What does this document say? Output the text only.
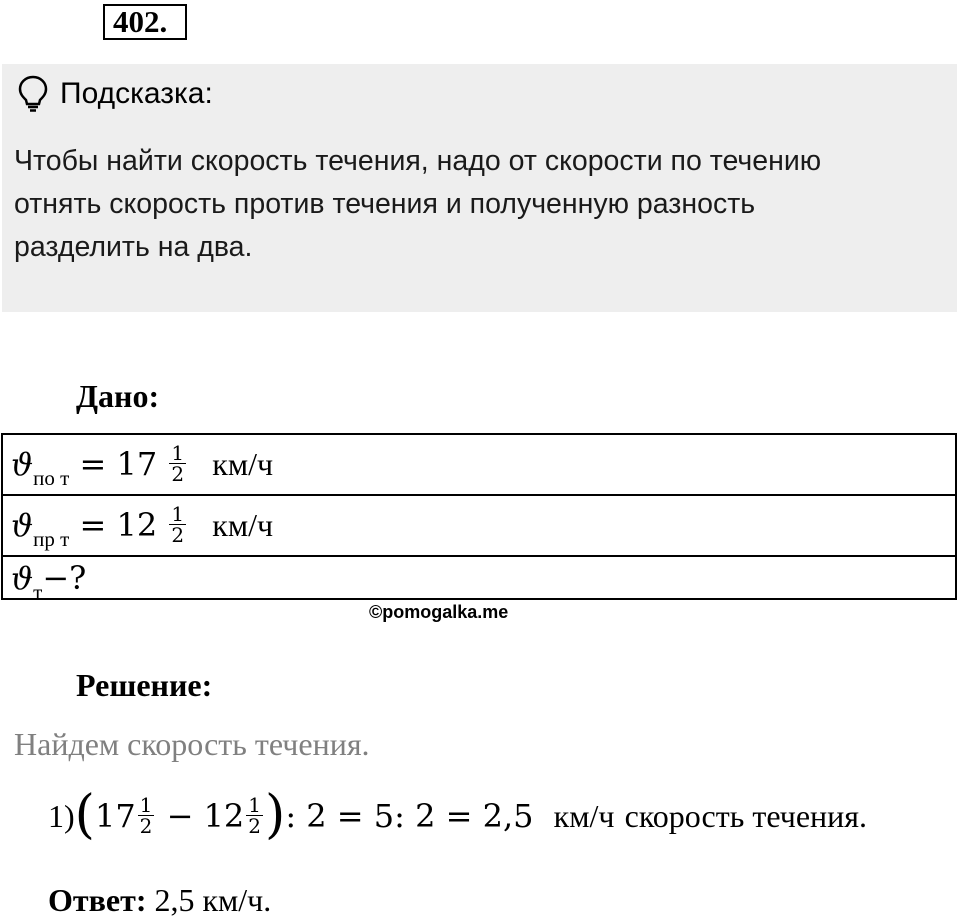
402.
Подсказка:
Чтобы найти скорость течения, надо от скорости по течению
отнять скорость против течения и полученную разность
разделить на два.
Дано:
$ϑ_{по т} = 17 \frac{1}{2} км/ч$
$ϑ_{пр т} = 12 \frac{1}{2} км/ч$
$ϑ_т-$?
©pomogalka.me
Решение:
Найдем скорость течения.
$1)(17 \frac{1}{2} - 12 \frac{1}{2}$ ): 2 = 5: 2 = 2,5 км/ч скорость течения.
Ответ: 2,5 км/ч.
